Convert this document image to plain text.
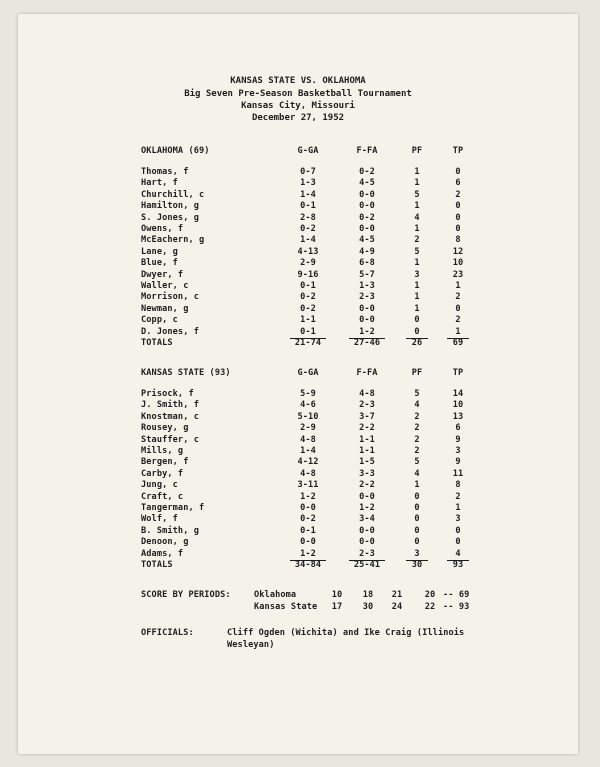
KANSAS STATE VS. OKLAHOMA
Big Seven Pre-Season Basketball Tournament
Kansas City, Missouri
December 27, 1952
OKLAHOMA (69)	G-GA	F-FA	PF	TP
Thomas, f	0-7	0-2	1	0
Hart, f	1-3	4-5	1	6
Churchill, c	1-4	0-0	5	2
Hamilton, g	0-1	0-0	1	0
S. Jones, g	2-8	0-2	4	0
Owens, f	0-2	0-0	1	0
McEachern, g	1-4	4-5	2	8
Lane, g	4-13	4-9	5	12
Blue, f	2-9	6-8	1	10
Dwyer, f	9-16	5-7	3	23
Waller, c	0-1	1-3	1	1
Morrison, c	0-2	2-3	1	2
Newman, g	0-2	0-0	1	0
Copp, c	1-1	0-0	0	2
D. Jones, f	0-1	1-2	0	1
TOTALS	21-74	27-46	26	69
KANSAS STATE (93)	G-GA	F-FA	PF	TP
Prisock, f	5-9	4-8	5	14
J. Smith, f	4-6	2-3	4	10
Knostman, c	5-10	3-7	2	13
Rousey, g	2-9	2-2	2	6
Stauffer, c	4-8	1-1	2	9
Mills, g	1-4	1-1	2	3
Bergen, f	4-12	1-5	5	9
Carby, f	4-8	3-3	4	11
Jung, c	3-11	2-2	1	8
Craft, c	1-2	0-0	0	2
Tangerman, f	0-0	1-2	0	1
Wolf, f	0-2	3-4	0	3
B. Smith, g	0-1	0-0	0	0
Denoon, g	0-0	0-0	0	0
Adams, f	1-2	2-3	3	4
TOTALS	34-84	25-41	30	93
SCORE BY PERIODS:	Oklahoma	10 18 21	20 -- 69
Kansas State 17 30 24	22 -- 93
OFFICIALS:	Cliff Ogden (Wichita) and Ike Craig (Illinois
Wesleyan)
